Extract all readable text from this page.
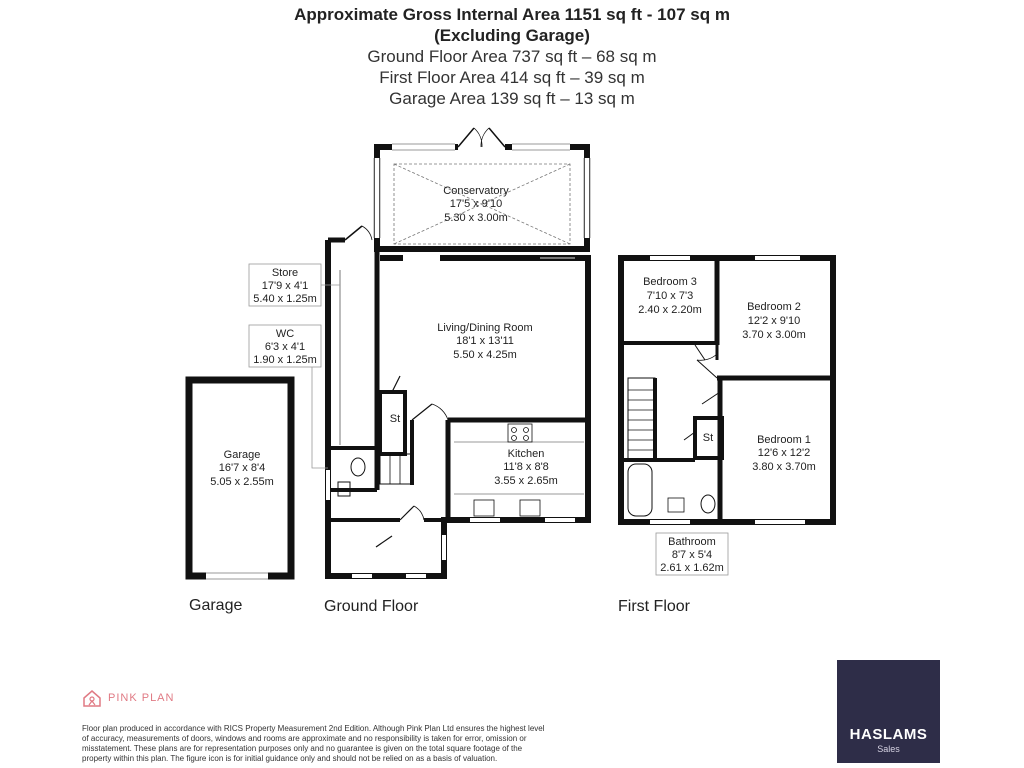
Approximate Gross Internal Area 1151 sq ft - 107 sq m
(Excluding Garage)
Ground Floor Area 737 sq ft – 68 sq m
First Floor Area 414 sq ft – 39 sq m
Garage Area 139 sq ft – 13 sq m
Conservatory
17'5 x 9'10
5.30 x 3.00m
Store
17'9 x 4'1
5.40 x 1.25m
WC
6'3 x 4'1
1.90 x 1.25m
Living/Dining Room
18'1 x 13'11
5.50 x 4.25m
St
Kitchen
11'8 x 8'8
3.55 x 2.65m
Garage
16'7 x 8'4
5.05 x 2.55m
Bedroom 3
7'10 x 7'3
2.40 x 2.20m	Bedroom 2
12'2 x 9'10
3.70 x 3.00m
St	Bedroom 1
12'6 x 12'2
3.80 x 3.70m
Bathroom
8'7 x 5'4
2.61 x 1.62m
Garage	Ground Floor	First Floor
PINK PLAN
Floor plan produced in accordance with RICS Property Measurement 2nd Edition. Although Pink Plan Ltd ensures the highest level of accuracy, measurements of doors, windows and rooms are approximate and no responsibility is taken for error, omission or misstatement. These plans are for representation purposes only and no guarantee is given on the total square footage of the property within this plan. The figure icon is for initial guidance only and should not be relied on as a basis of valuation.
HASLAMS
Sales
